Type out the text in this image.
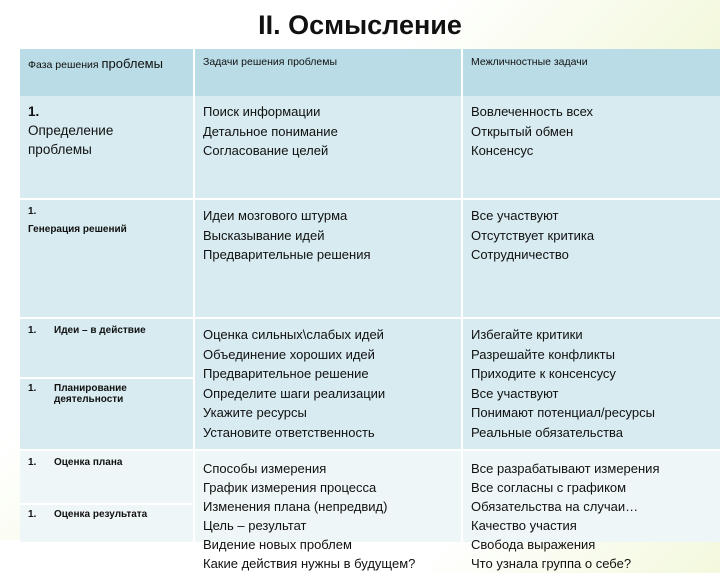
II. Осмысление
Фаза решения проблемы	Задачи решения проблемы	Межличностные задачи
1.Определение проблемы
Поиск информации
Детальное понимание
Согласование целей
Вовлеченность всех
Открытый обмен
Консенсус
1.Генерация решений
Идеи мозгового штурма
Высказывание идей
Предварительные решения
Все участвуют
Отсутствует критика
Сотрудничество
1. Идеи – в действие
1. Планирование деятельности
Оценка сильных\слабых идей
Объединение хороших идей
Предварительное решение
Определите шаги реализации
Укажите ресурсы
Установите ответственность
Избегайте критики
Разрешайте конфликты
Приходите к консенсусу
Все участвуют
Понимают потенциал/ресурсы
Реальные обязательства
1. Оценка плана
1. Оценка результата
Способы измерения
График измерения процесса
Изменения плана (непредвид)
Цель – результат
Видение новых проблем
Какие действия нужны в будущем?
Все разрабатывают измерения
Все согласны с графиком
Обязательства на случаи…
Качество участия
Свобода выражения
Что узнала группа о себе?
